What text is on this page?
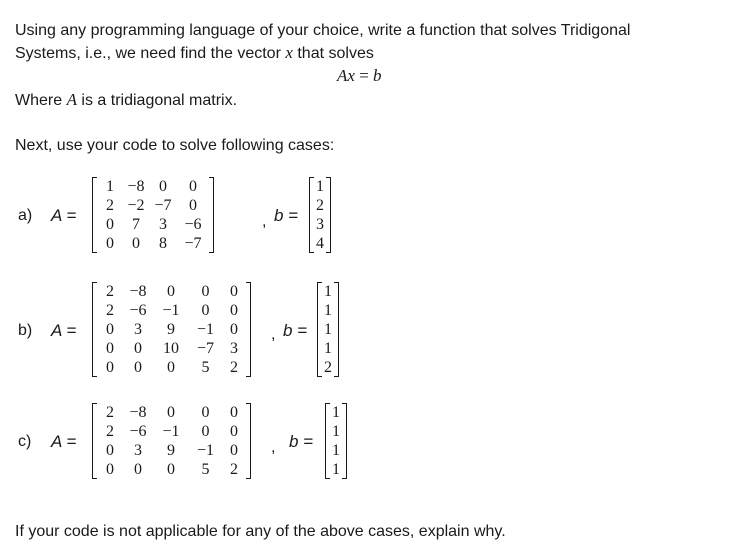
Using any programming language of your choice, write a function that solves Tridigonal
Systems, i.e., we need find the vector x that solves
Ax = b
Where A is a tridiagonal matrix.
Next, use your code to solve following cases:
a) A =
1	−8	0	0
2	−2	−7	0
0	7	3	−6
0	0	8	−7
, b =
1
2
3
4
b) A =
2	−8	0	0	0
2	−6	−1	0	0
0	3	9	−1	0
0	0	10	−7	3
0	0	0	5	2
, b =
1
1
1
1
2
c) A =
2	−8	0	0	0
2	−6	−1	0	0
0	3	9	−1	0
0	0	0	5	2
, b =
1
1
1
1
If your code is not applicable for any of the above cases, explain why.
